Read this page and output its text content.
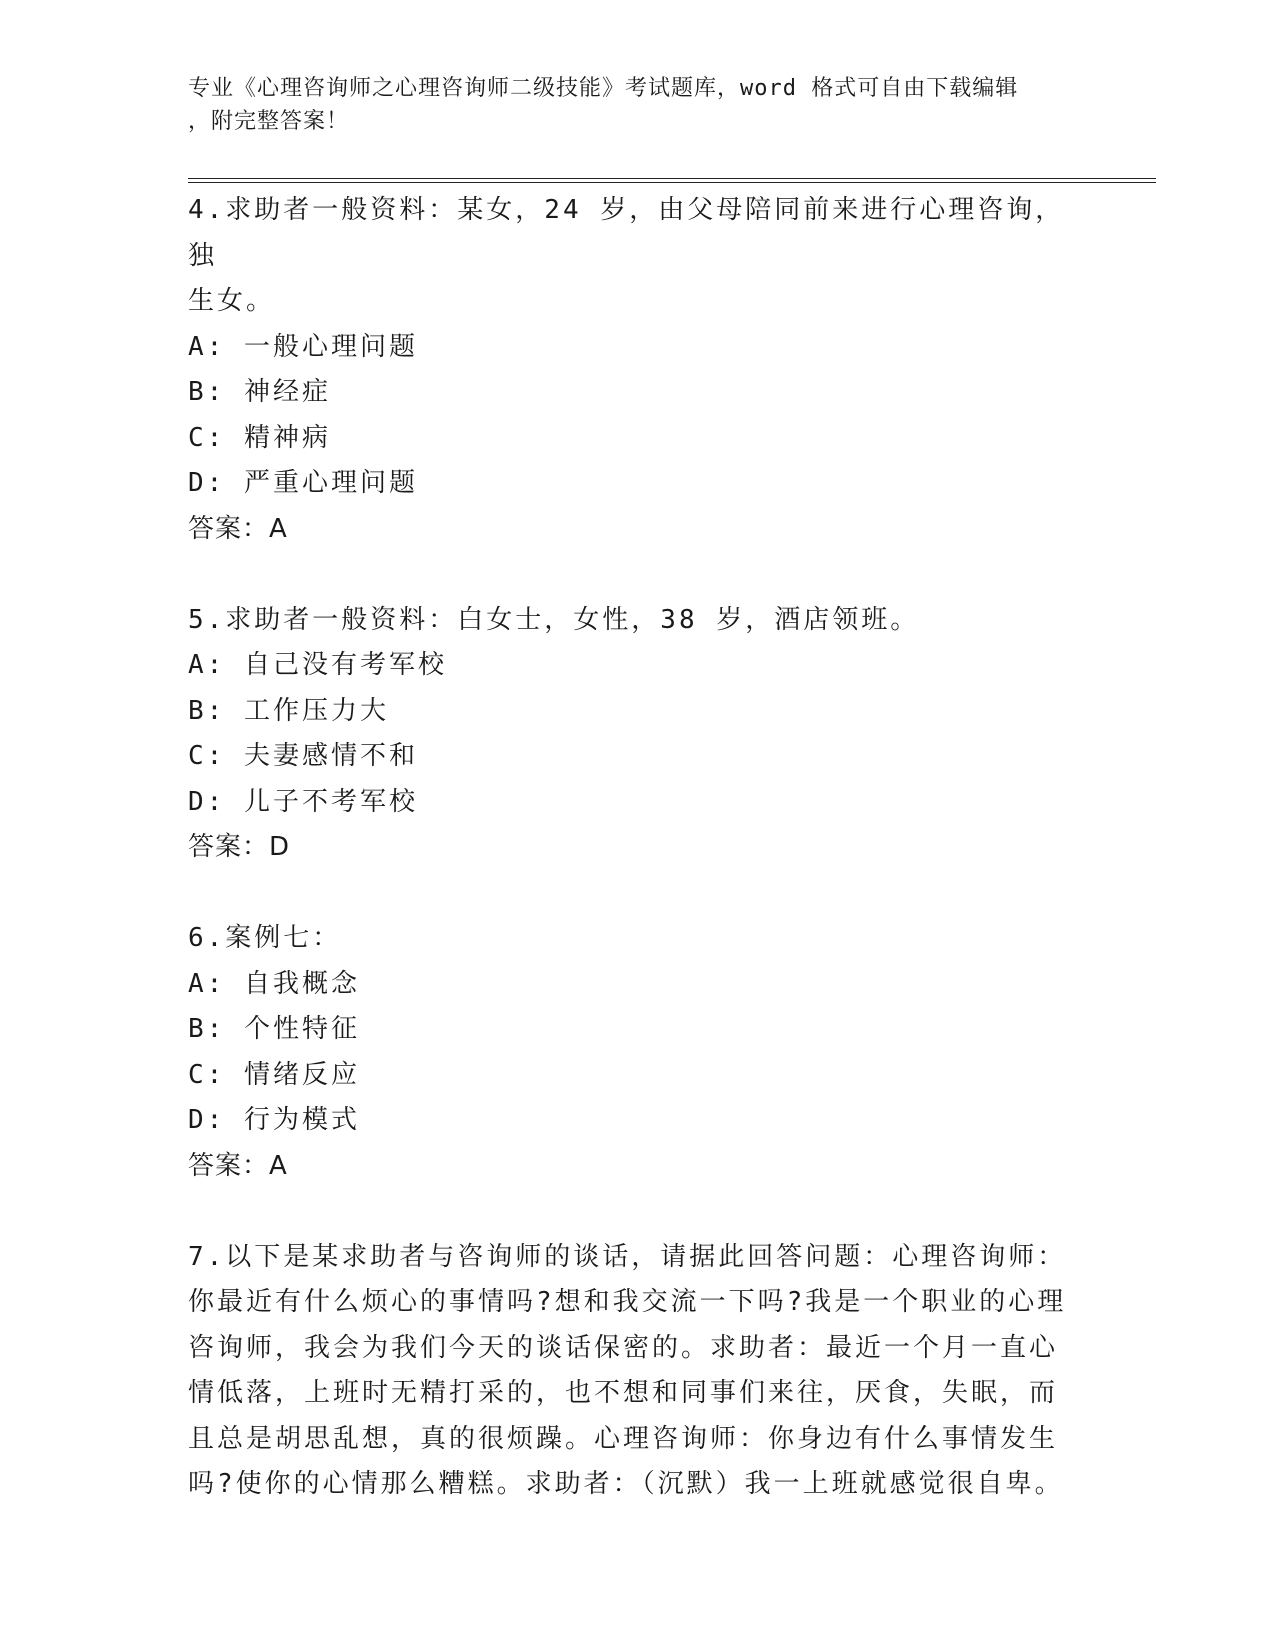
专业《心理咨询师之心理咨询师二级技能》考试题库，word 格式可自由下载编辑
，附完整答案！

4.求助者一般资料：某女，24 岁，由父母陪同前来进行心理咨询，独

生女。

A: 一般心理问题

B: 神经症

C: 精神病

D: 严重心理问题

答案：A

5.求助者一般资料：白女士，女性，38 岁，酒店领班。

A: 自己没有考军校

B: 工作压力大

C: 夫妻感情不和

D: 儿子不考军校

答案：D

6.案例七：

A: 自我概念

B: 个性特征

C: 情绪反应

D: 行为模式

答案：A

7.以下是某求助者与咨询师的谈话，请据此回答问题：心理咨询师：

你最近有什么烦心的事情吗?想和我交流一下吗?我是一个职业的心理

咨询师，我会为我们今天的谈话保密的。求助者：最近一个月一直心

情低落，上班时无精打采的，也不想和同事们来往，厌食，失眠，而

且总是胡思乱想，真的很烦躁。心理咨询师：你身边有什么事情发生

吗?使你的心情那么糟糕。求助者：（沉默）我一上班就感觉很自卑。
